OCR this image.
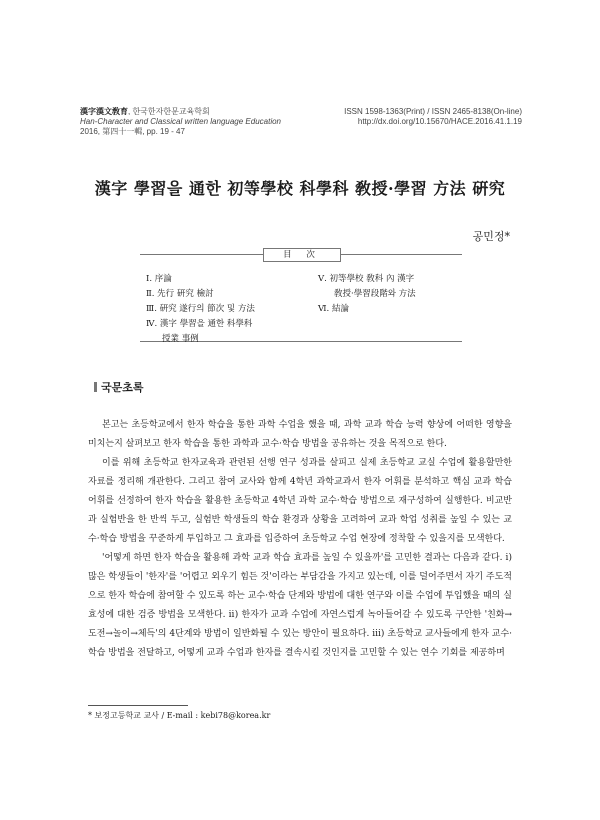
漢字漢文敎育, 한국한자한문교육학회
Han-Character and Classical written language Education
2016, 第四十一輯, pp. 19 - 47
ISSN 1598-1363(Print) / ISSN 2465-8138(On-line)
http://dx.doi.org/10.15670/HACE.2016.41.1.19
漢字 學習을 通한 初等學校 科學科 敎授·學習 方法 硏究
공민정*
目 次
Ⅰ. 序論
Ⅱ. 先行 硏究 檢討
Ⅲ. 硏究 遂行의 節次 및 方法
Ⅳ. 漢字 學習을 通한 科學科
授業 事例
Ⅴ. 初等學校 敎科 內 漢字
敎授·學習段階와 方法
Ⅵ. 結論
국문초록

본고는 초등학교에서 한자 학습을 통한 과학 수업을 했을 때, 과학 교과 학습 능력 향상에 어떠한 영향을 미치는지 살펴보고 한자 학습을 통한 과학과 교수·학습 방법을 공유하는 것을 목적으로 한다.

이를 위해 초등학교 한자교육과 관련된 선행 연구 성과를 살피고 실제 초등학교 교실 수업에 활용할만한 자료를 정리해 개관한다. 그리고 참여 교사와 함께 4학년 과학교과서 한자 어휘를 분석하고 핵심 교과 학습 어휘를 선정하여 한자 학습을 활용한 초등학교 4학년 과학 교수·학습 방법으로 재구성하여 실행한다. 비교반과 실험반을 한 반씩 두고, 실험반 학생들의 학습 환경과 상황을 고려하여 교과 학업 성취를 높일 수 있는 교수·학습 방법을 꾸준하게 투입하고 그 효과를 입증하여 초등학교 수업 현장에 정착할 수 있을지를 모색한다.

'어떻게 하면 한자 학습을 활용해 과학 교과 학습 효과를 높일 수 있을까'를 고민한 결과는 다음과 같다. ⅰ) 많은 학생들이 '한자'를 '어렵고 외우기 힘든 것'이라는 부담감을 가지고 있는데, 이를 덜어주면서 자기 주도적으로 한자 학습에 참여할 수 있도록 하는 교수·학습 단계와 방법에 대한 연구와 이를 수업에 투입했을 때의 실효성에 대한 검증 방법을 모색한다. ⅱ) 한자가 교과 수업에 자연스럽게 녹아들어갈 수 있도록 구안한 '친화→도전→놀이→체득'의 4단계와 방법이 일반화될 수 있는 방안이 필요하다. ⅲ) 초등학교 교사들에게 한자 교수·학습 방법을 전달하고, 어떻게 교과 수업과 한자를 결속시킬 것인지를 고민할 수 있는 연수 기회를 제공하며

* 보정고등학교 교사 / E-mail : kebi78@korea.kr
